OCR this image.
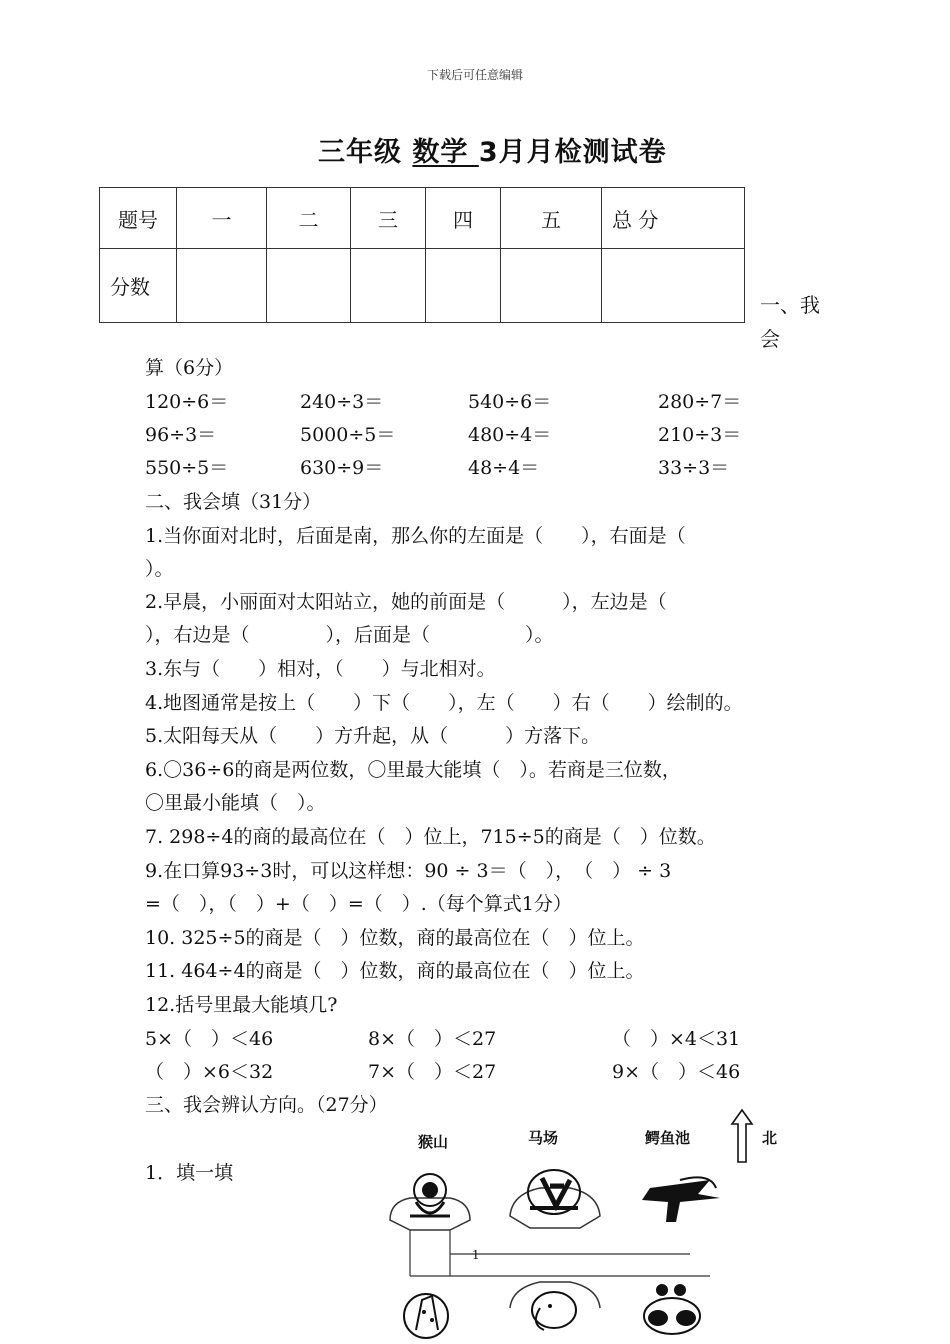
下载后可任意编辑
三年级 数学 3月月检测试卷
题号	一	二	三	四	五	总 分
分数						
一、我会
算（6分）
120÷6＝	240÷3＝	540÷6＝	280÷7＝
96÷3＝	5000÷5＝	480÷4＝	210÷3＝
550÷5＝	630÷9＝	48÷4＝	33÷3＝
二、我会填（31分）
1.当你面对北时，后面是南，那么你的左面是（　　），右面是（
）。
2.早晨，小丽面对太阳站立，她的前面是（　　　），左边是（
），右边是（　　　　），后面是（　　　　　）。
3.东与（　　）相对，（　　）与北相对。
4.地图通常是按上（　　）下（　　），左（　　）右（　　）绘制的。
5.太阳每天从（　　）方升起，从（　　　）方落下。
6.〇36÷6的商是两位数，〇里最大能填（　）。若商是三位数，
〇里最小能填（　）。
7. 298÷4的商的最高位在（　）位上，715÷5的商是（　）位数。
9.在口算93÷3时，可以这样想：90 ÷ 3＝（　），　（　） ÷ 3
=（　），（　）+（　）=（　）.（每个算式1分）
10. 325÷5的商是（　）位数，商的最高位在（　）位上。
11. 464÷4的商是（　）位数，商的最高位在（　）位上。
12.括号里最大能填几?
5×（　）＜46	8×（　）＜27	（　）×4＜31
（　）×6＜32	7×（　）＜27	9×（　）＜46
三、我会辨认方向。（27分）
1．填一填
猴山	马场	鳄鱼池	北
1
